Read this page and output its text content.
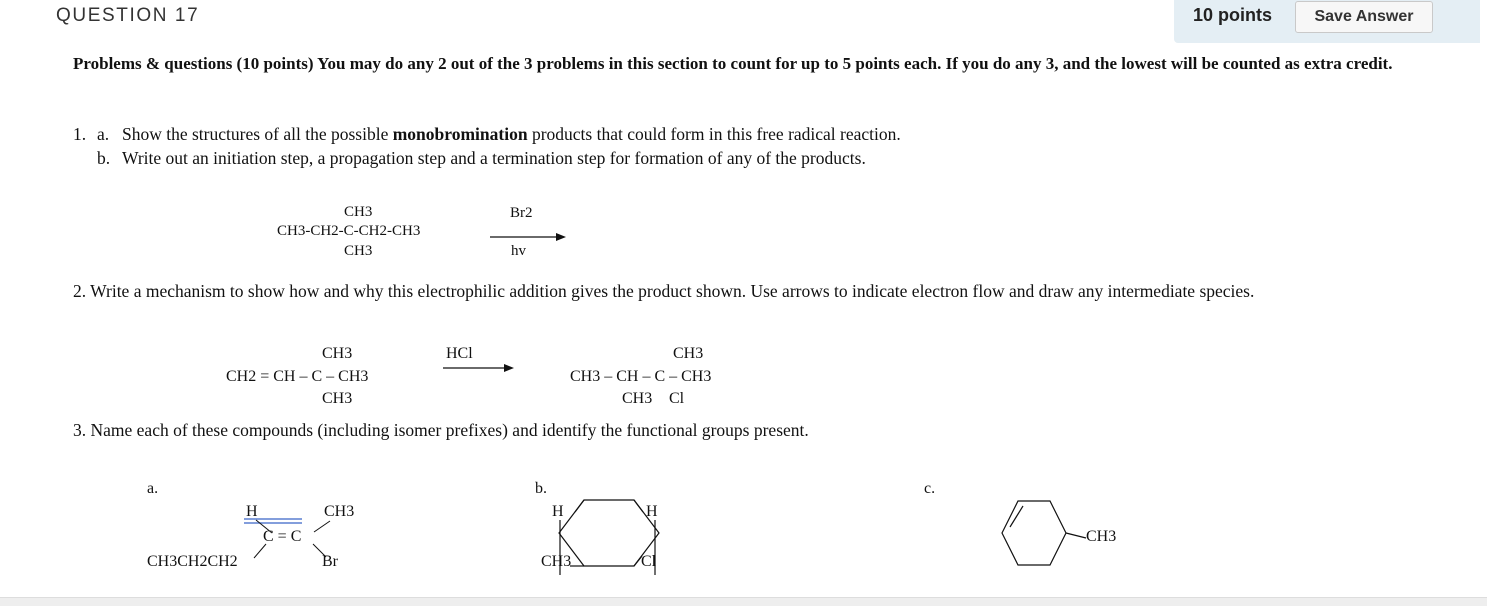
QUESTION 17	10 points	Save Answer
Problems & questions (10 points) You may do any 2 out of the 3 problems in this section to count for up to 5 points each. If you do any 3, and the lowest will be counted as extra credit.
1. a. Show the structures of all the possible monobromination products that could form in this free radical reaction.
b. Write out an initiation step, a propagation step and a termination step for formation of any of the products.
CH3
CH3-CH2-C-CH2-CH3
CH3
Br2
hv
2. Write a mechanism to show how and why this electrophilic addition gives the product shown. Use arrows to indicate electron flow and draw any intermediate species.
CH3
CH2 = CH – C – CH3
CH3
HCl	CH3
CH3 – CH – C – CH3
CH3 Cl
3. Name each of these compounds (including isomer prefixes) and identify the functional groups present.
a.
H	CH3
C = C
CH3CH2CH2	Br
b.
H	H
CH3	Cl
c.
CH3
